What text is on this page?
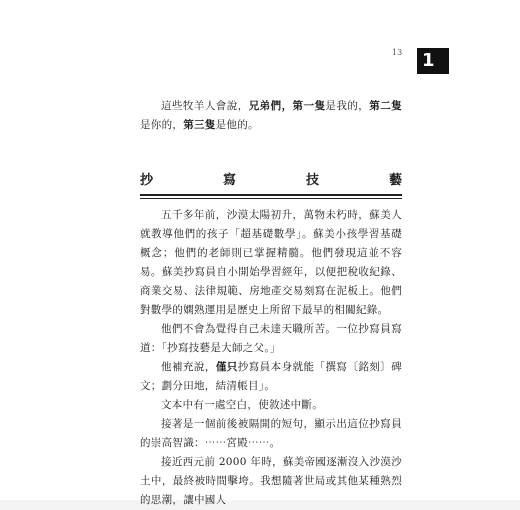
13 1

這些牧羊人會說，兄弟們，第一隻是我的，第二隻是你的，第三隻是他的。

抄	寫	技	藝

五千多年前，沙漠太陽初升，萬物未朽時，蘇美人就教導他們的孩子「超基礎數學」。蘇美小孩學習基礎概念；他們的老師則已掌握精髓。他們發現這並不容易。蘇美抄寫員自小開始學習經年，以便把稅收紀錄、商業交易、法律規範、房地產交易刻寫在泥板上。他們對數學的嫻熟運用是歷史上所留下最早的相關紀錄。

他們不會為覺得自己未達天職所苦。一位抄寫員寫道：「抄寫技藝是大師之父。」

他補充說，僅只抄寫員本身就能「撰寫〔銘刻〕碑文；劃分田地，結清帳目」。

文本中有一處空白，使敘述中斷。

接著是一個前後被隔開的短句，顯示出這位抄寫員的崇高智識：⋯⋯宮殿⋯⋯。

接近西元前 2000 年時，蘇美帝國逐漸沒入沙漠沙土中，最終被時間擊垮。我想隨著世局或其他某種熟烈的思潮，讓中國人
